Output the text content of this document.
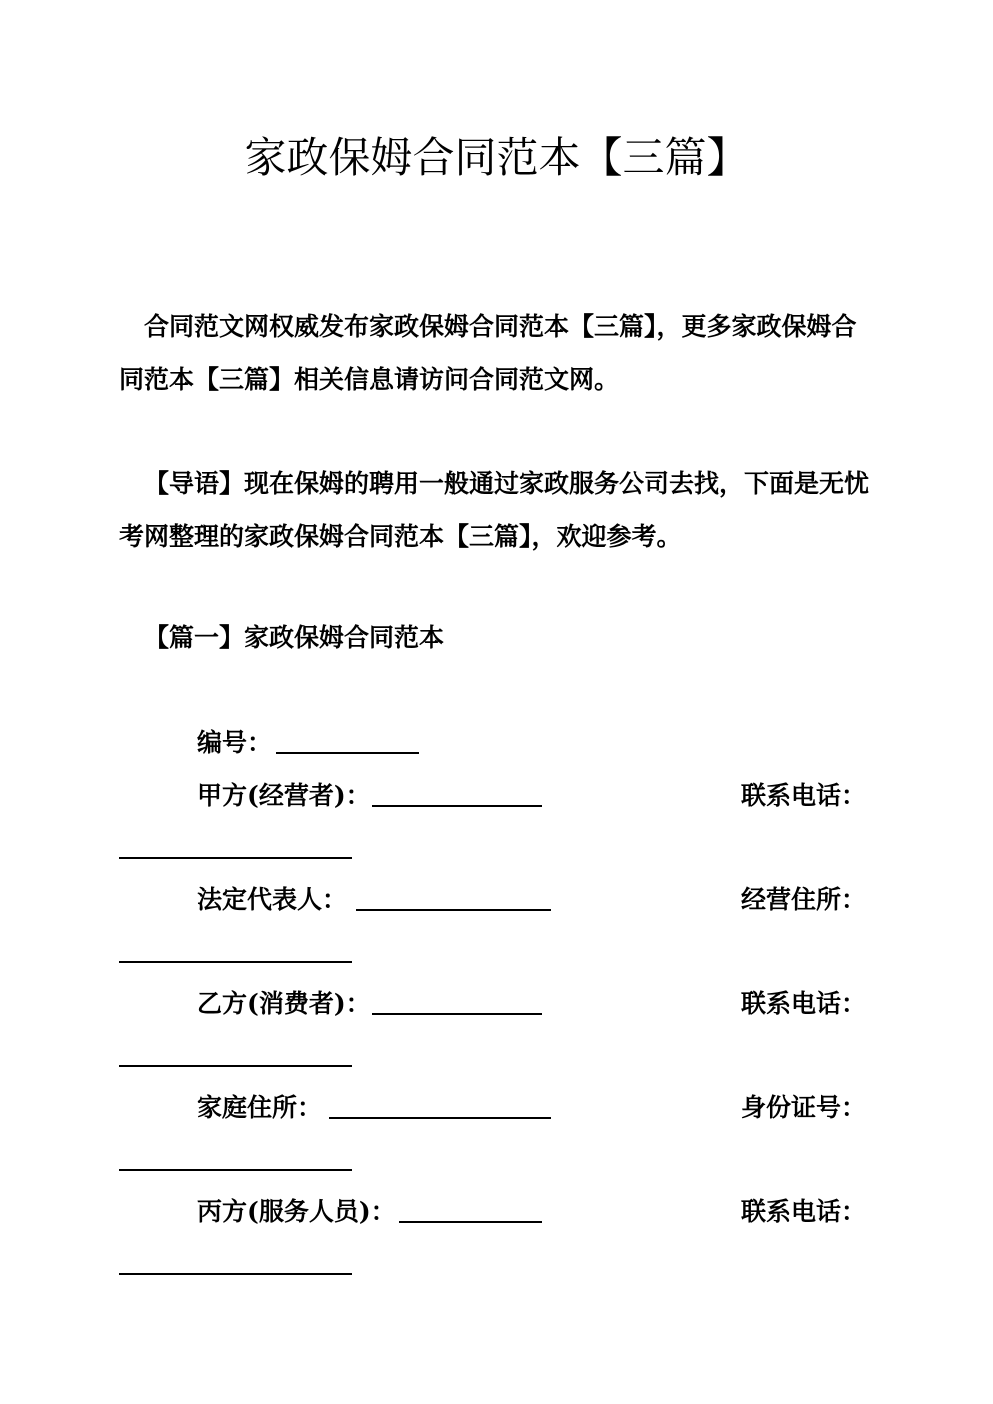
家政保姆合同范本【三篇】
合同范文网权威发布家政保姆合同范本【三篇】，更多家政保姆合同范本【三篇】相关信息请访问合同范文网。
【导语】现在保姆的聘用一般通过家政服务公司去找，下面是无忧考网整理的家政保姆合同范本【三篇】，欢迎参考。
【篇一】家政保姆合同范本
编号：
甲方(经营者)：	联系电话：
法定代表人：	经营住所：
乙方(消费者)：	联系电话：
家庭住所：	身份证号：
丙方(服务人员)：	联系电话：
